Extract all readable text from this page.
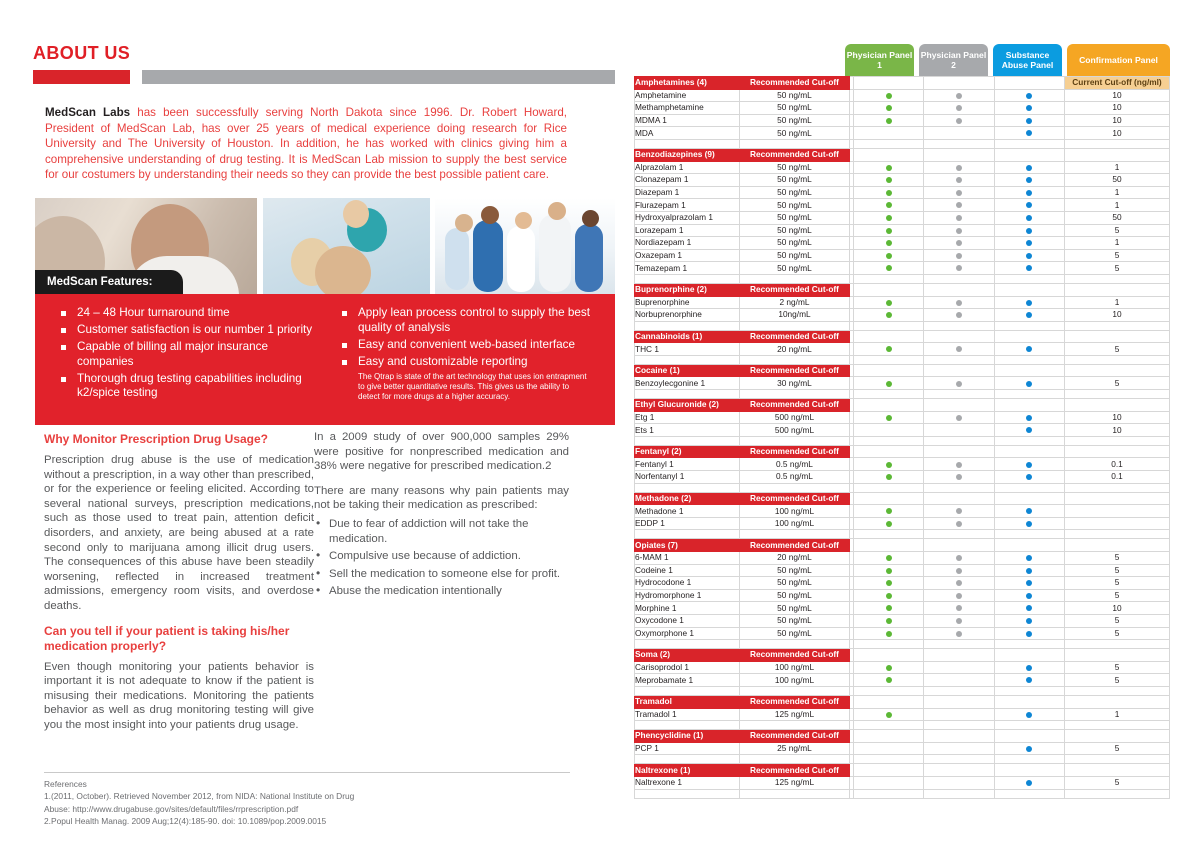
ABOUT US
MedScan Labs has been successfully serving North Dakota since 1996. Dr. Robert Howard, President of MedScan Lab, has over 25 years of medical experience doing research for Rice University and The University of Houston. In addition, he has worked with clinics giving him a comprehensive understanding of drug testing. It is MedScan Lab mission to supply the best service for our costumers by understanding their needs so they can provide the best possible patient care.
MedScan Features:
24 – 48 Hour turnaround time
Customer satisfaction is our number 1 priority
Capable of billing all major insurance companies
Thorough drug testing capabilities including k2/spice testing
Apply lean process control to supply the best quality of analysis
Easy and convenient web-based interface
Easy and customizable reporting
The Qtrap is state of the art technology that uses ion entrapment to give better quantitative results. This gives us the ability to detect for more drugs at a higher accuracy.
Why Monitor Prescription Drug Usage?

Prescription drug abuse is the use of medication without a prescription, in a way other than prescribed, or for the experience or feeling elicited. According to several national surveys, prescription medications, such as those used to treat pain, attention deficit disorders, and anxiety, are being abused at a rate second only to marijuana among illicit drug users. The consequences of this abuse have been steadily worsening, reflected in increased treatment admissions, emergency room visits, and overdose deaths.

Can you tell if your patient is taking his/her medication properly?

Even though monitoring your patients behavior is important it is not adequate to know if the patient is misusing their medications. Monitoring the patients behavior as well as drug monitoring testing will give you the most insight into your patients drug usage.

In a 2009 study of over 900,000 samples 29% were positive for nonprescribed medication and 38% were negative for prescribed medication.2

There are many reasons why pain patients may not be taking their medication as prescribed:

• Due to fear of addiction will not take the medication.
• Compulsive use because of addiction.
• Sell the medication to someone else for profit.
• Abuse the medication intentionally
References
1.(2011, October). Retrieved November 2012, from NIDA: National Institute on Drug
Abuse: http://www.drugabuse.gov/sites/default/files/rrprescription.pdf
2.Popul Health Manag. 2009 Aug;12(4):185-90. doi: 10.1089/pop.2009.0015
Physician Panel 1
Physician Panel 2
Substance Abuse Panel
Confirmation Panel
Amphetamines (4)	Recommended Cut-off					Current Cut-off (ng/ml)
Amphetamine	50 ng/mL					10
Methamphetamine	50 ng/mL					10
MDMA 1	50 ng/mL					10
MDA	50 ng/mL					10

Benzodiazepines (9)	Recommended Cut-off					
Alprazolam 1	50 ng/mL					1
Clonazepam 1	50 ng/mL					50
Diazepam 1	50 ng/mL					1
Flurazepam 1	50 ng/mL					1
Hydroxyalprazolam 1	50 ng/mL					50
Lorazepam 1	50 ng/mL					5
Nordiazepam 1	50 ng/mL					1
Oxazepam 1	50 ng/mL					5
Temazepam 1	50 ng/mL					5

Buprenorphine (2)	Recommended Cut-off					
Buprenorphine	2 ng/mL					1
Norbuprenorphine	10ng/mL					10

Cannabinoids (1)	Recommended Cut-off					
THC 1	20 ng/mL					5

Cocaine (1)	Recommended Cut-off					
Benzoylecgonine 1	30 ng/mL					5

Ethyl Glucuronide (2)	Recommended Cut-off					
Etg 1	500 ng/mL					10
Ets 1	500 ng/mL					10

Fentanyl (2)	Recommended Cut-off					
Fentanyl 1	0.5 ng/mL					0.1
Norfentanyl 1	0.5 ng/mL					0.1

Methadone (2)	Recommended Cut-off					
Methadone 1	100 ng/mL					
EDDP 1	100 ng/mL					

Opiates (7)	Recommended Cut-off					
6-MAM 1	20 ng/mL					5
Codeine 1	50 ng/mL					5
Hydrocodone 1	50 ng/mL					5
Hydromorphone 1	50 ng/mL					5
Morphine 1	50 ng/mL					10
Oxycodone 1	50 ng/mL					5
Oxymorphone 1	50 ng/mL					5

Soma (2)	Recommended Cut-off					
Carisoprodol 1	100 ng/mL					5
Meprobamate 1	100 ng/mL					5

Tramadol	Recommended Cut-off					
Tramadol 1	125 ng/mL					1

Phencyclidine (1)	Recommended Cut-off					
PCP 1	25 ng/mL					5

Naltrexone (1)	Recommended Cut-off					
Naltrexone 1	125 ng/mL					5
